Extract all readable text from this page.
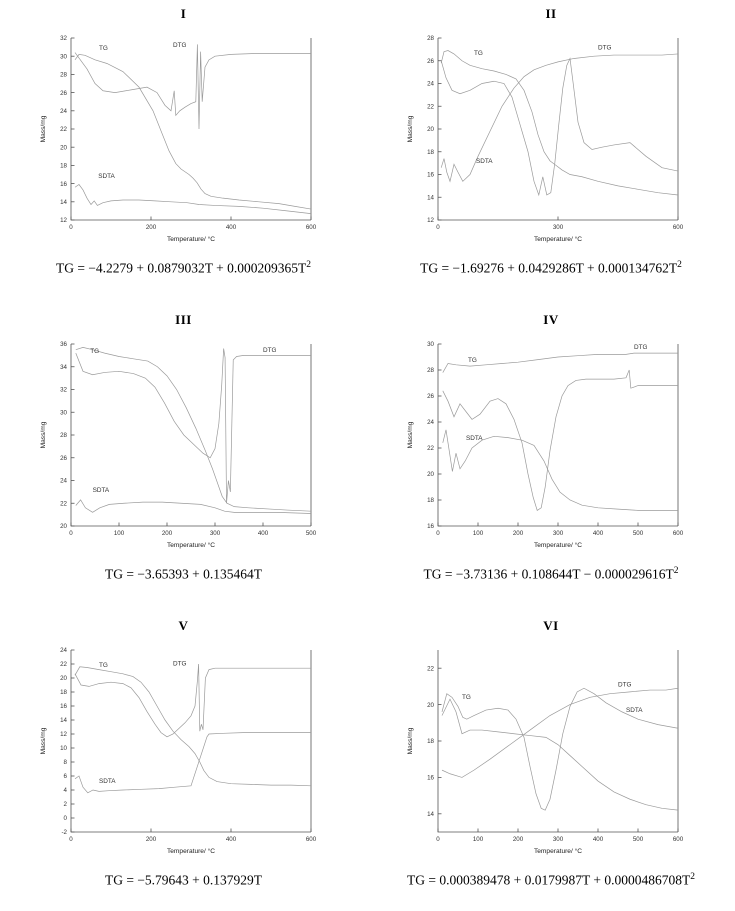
I
12
14
16
18
20
22
24
26
28
30
32
0	200	400	600
Temperature/ °C
Mass/mg
TG	DTG
SDTA
TG = $-4.2279 + 0.0879032T + 0.000209365T^2$
II
12
14
16
18
20
22
24
26
28
0	300	600
Temperature/ °C
Mass/mg
TG
DTG
SDTA
TG = $-1.69276 + 0.0429286T + 0.000134762T^2$
III
20
22
24
26
28
30
32
34
36
0	100	200	300	400	500
Temperature/ °C
Mass/mg
TG	DTG
SDTA
TG = −3.65393 + 0.135464T
IV
16
18
20
22
24
26
28
30
0	100	200	300	400	500	600
Temperature/ °C
Mass/mg
TG
DTG
SDTA
TG = $-3.73136 + 0.108644T - 0.000029616T^2$
V
-2
0
2
4
6
8
10
12
14
16
18
20
22
24
0	200	400	600
Temperature/ °C
Mass/mg
TG	DTG
SDTA
TG = −5.79643 + 0.137929T
VI
14
16
18
20
22
0	100	200	300	400	500	600
Temperature/ °C
Mass/mg
TG
DTG
SDTA
TG = $0.000389478 + 0.0179987T + 0.0000486708T^2$
